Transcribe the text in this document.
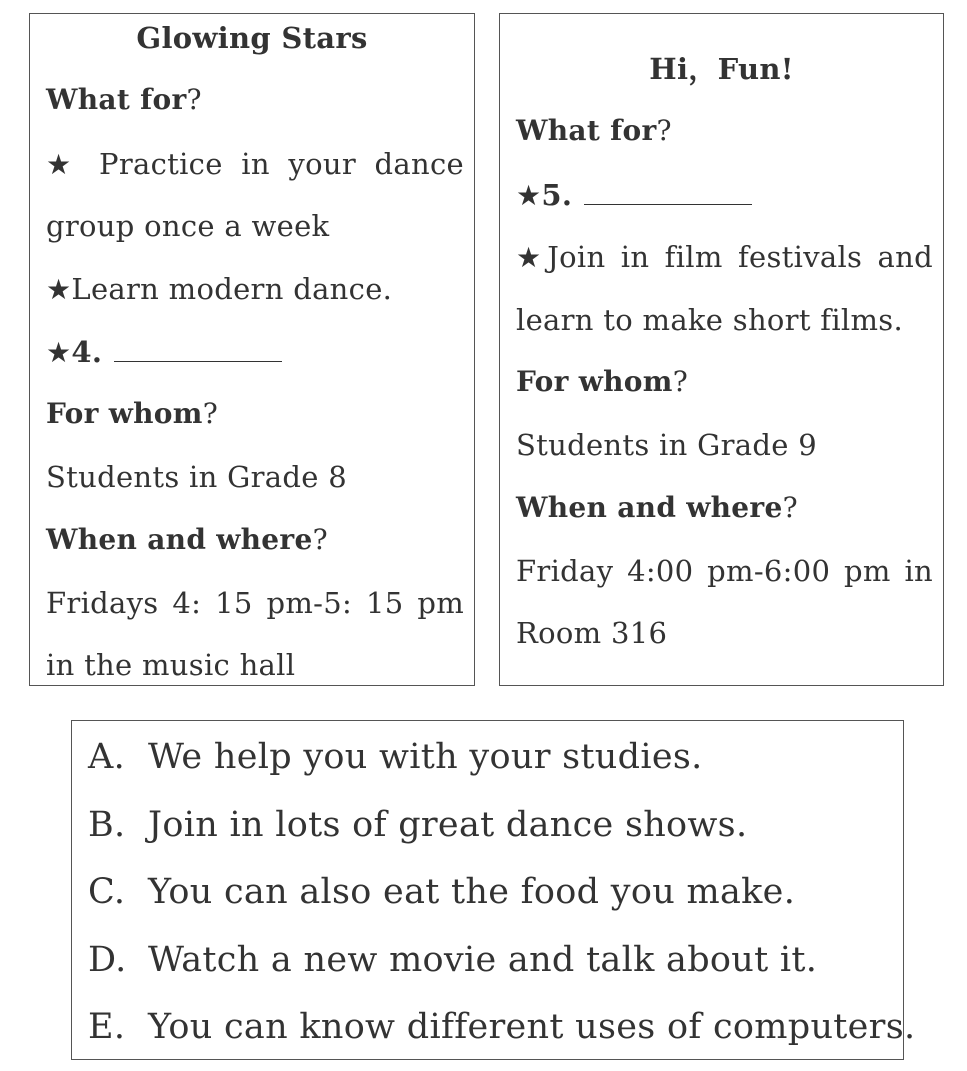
Glowing Stars
What for?
★ Practice in your dance
group once a week
★Learn modern dance.
★4.
For whom?
Students in Grade 8
When and where?
Fridays 4: 15 pm-5: 15 pm
in the music hall
Hi，Fun!
What for?
★5.
★Join in film festivals and
learn to make short films.
For whom?
Students in Grade 9
When and where?
Friday 4:00 pm-6:00 pm in
Room 316
A. We help you with your studies.
B. Join in lots of great dance shows.
C. You can also eat the food you make.
D. Watch a new movie and talk about it.
E. You can know different uses of computers.
